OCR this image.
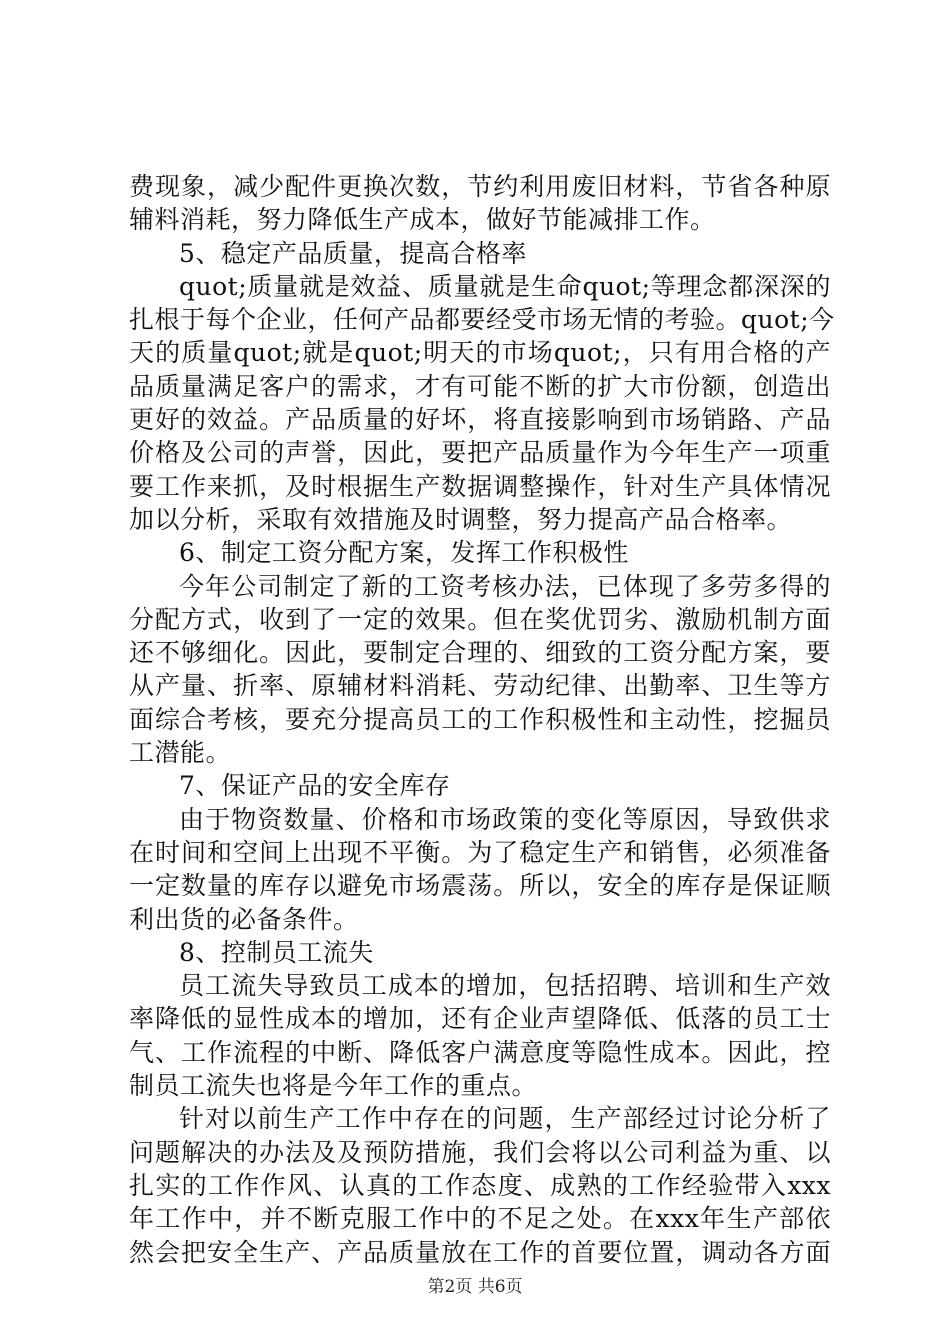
费现象，减少配件更换次数，节约利用废旧材料，节省各种原
辅料消耗，努力降低生产成本，做好节能减排工作。
5、稳定产品质量，提高合格率
quot;质量就是效益、质量就是生命quot;等理念都深深的
扎根于每个企业，任何产品都要经受市场无情的考验。quot;今
天的质量quot;就是quot;明天的市场quot;，只有用合格的产
品质量满足客户的需求，才有可能不断的扩大市份额，创造出
更好的效益。产品质量的好坏，将直接影响到市场销路、产品
价格及公司的声誉，因此，要把产品质量作为今年生产一项重
要工作来抓，及时根据生产数据调整操作，针对生产具体情况
加以分析，采取有效措施及时调整，努力提高产品合格率。
6、制定工资分配方案，发挥工作积极性
今年公司制定了新的工资考核办法，已体现了多劳多得的
分配方式，收到了一定的效果。但在奖优罚劣、激励机制方面
还不够细化。因此，要制定合理的、细致的工资分配方案，要
从产量、折率、原辅材料消耗、劳动纪律、出勤率、卫生等方
面综合考核，要充分提高员工的工作积极性和主动性，挖掘员
工潜能。
7、保证产品的安全库存
由于物资数量、价格和市场政策的变化等原因，导致供求
在时间和空间上出现不平衡。为了稳定生产和销售，必须准备
一定数量的库存以避免市场震荡。所以，安全的库存是保证顺
利出货的必备条件。
8、控制员工流失
员工流失导致员工成本的增加，包括招聘、培训和生产效
率降低的显性成本的增加，还有企业声望降低、低落的员工士
气、工作流程的中断、降低客户满意度等隐性成本。因此，控
制员工流失也将是今年工作的重点。
针对以前生产工作中存在的问题，生产部经过讨论分析了
问题解决的办法及及预防措施，我们会将以公司利益为重、以
扎实的工作作风、认真的工作态度、成熟的工作经验带入xxx
年工作中，并不断克服工作中的不足之处。在xxx年生产部依
然会把安全生产、产品质量放在工作的首要位置，调动各方面
第2页 共6页
